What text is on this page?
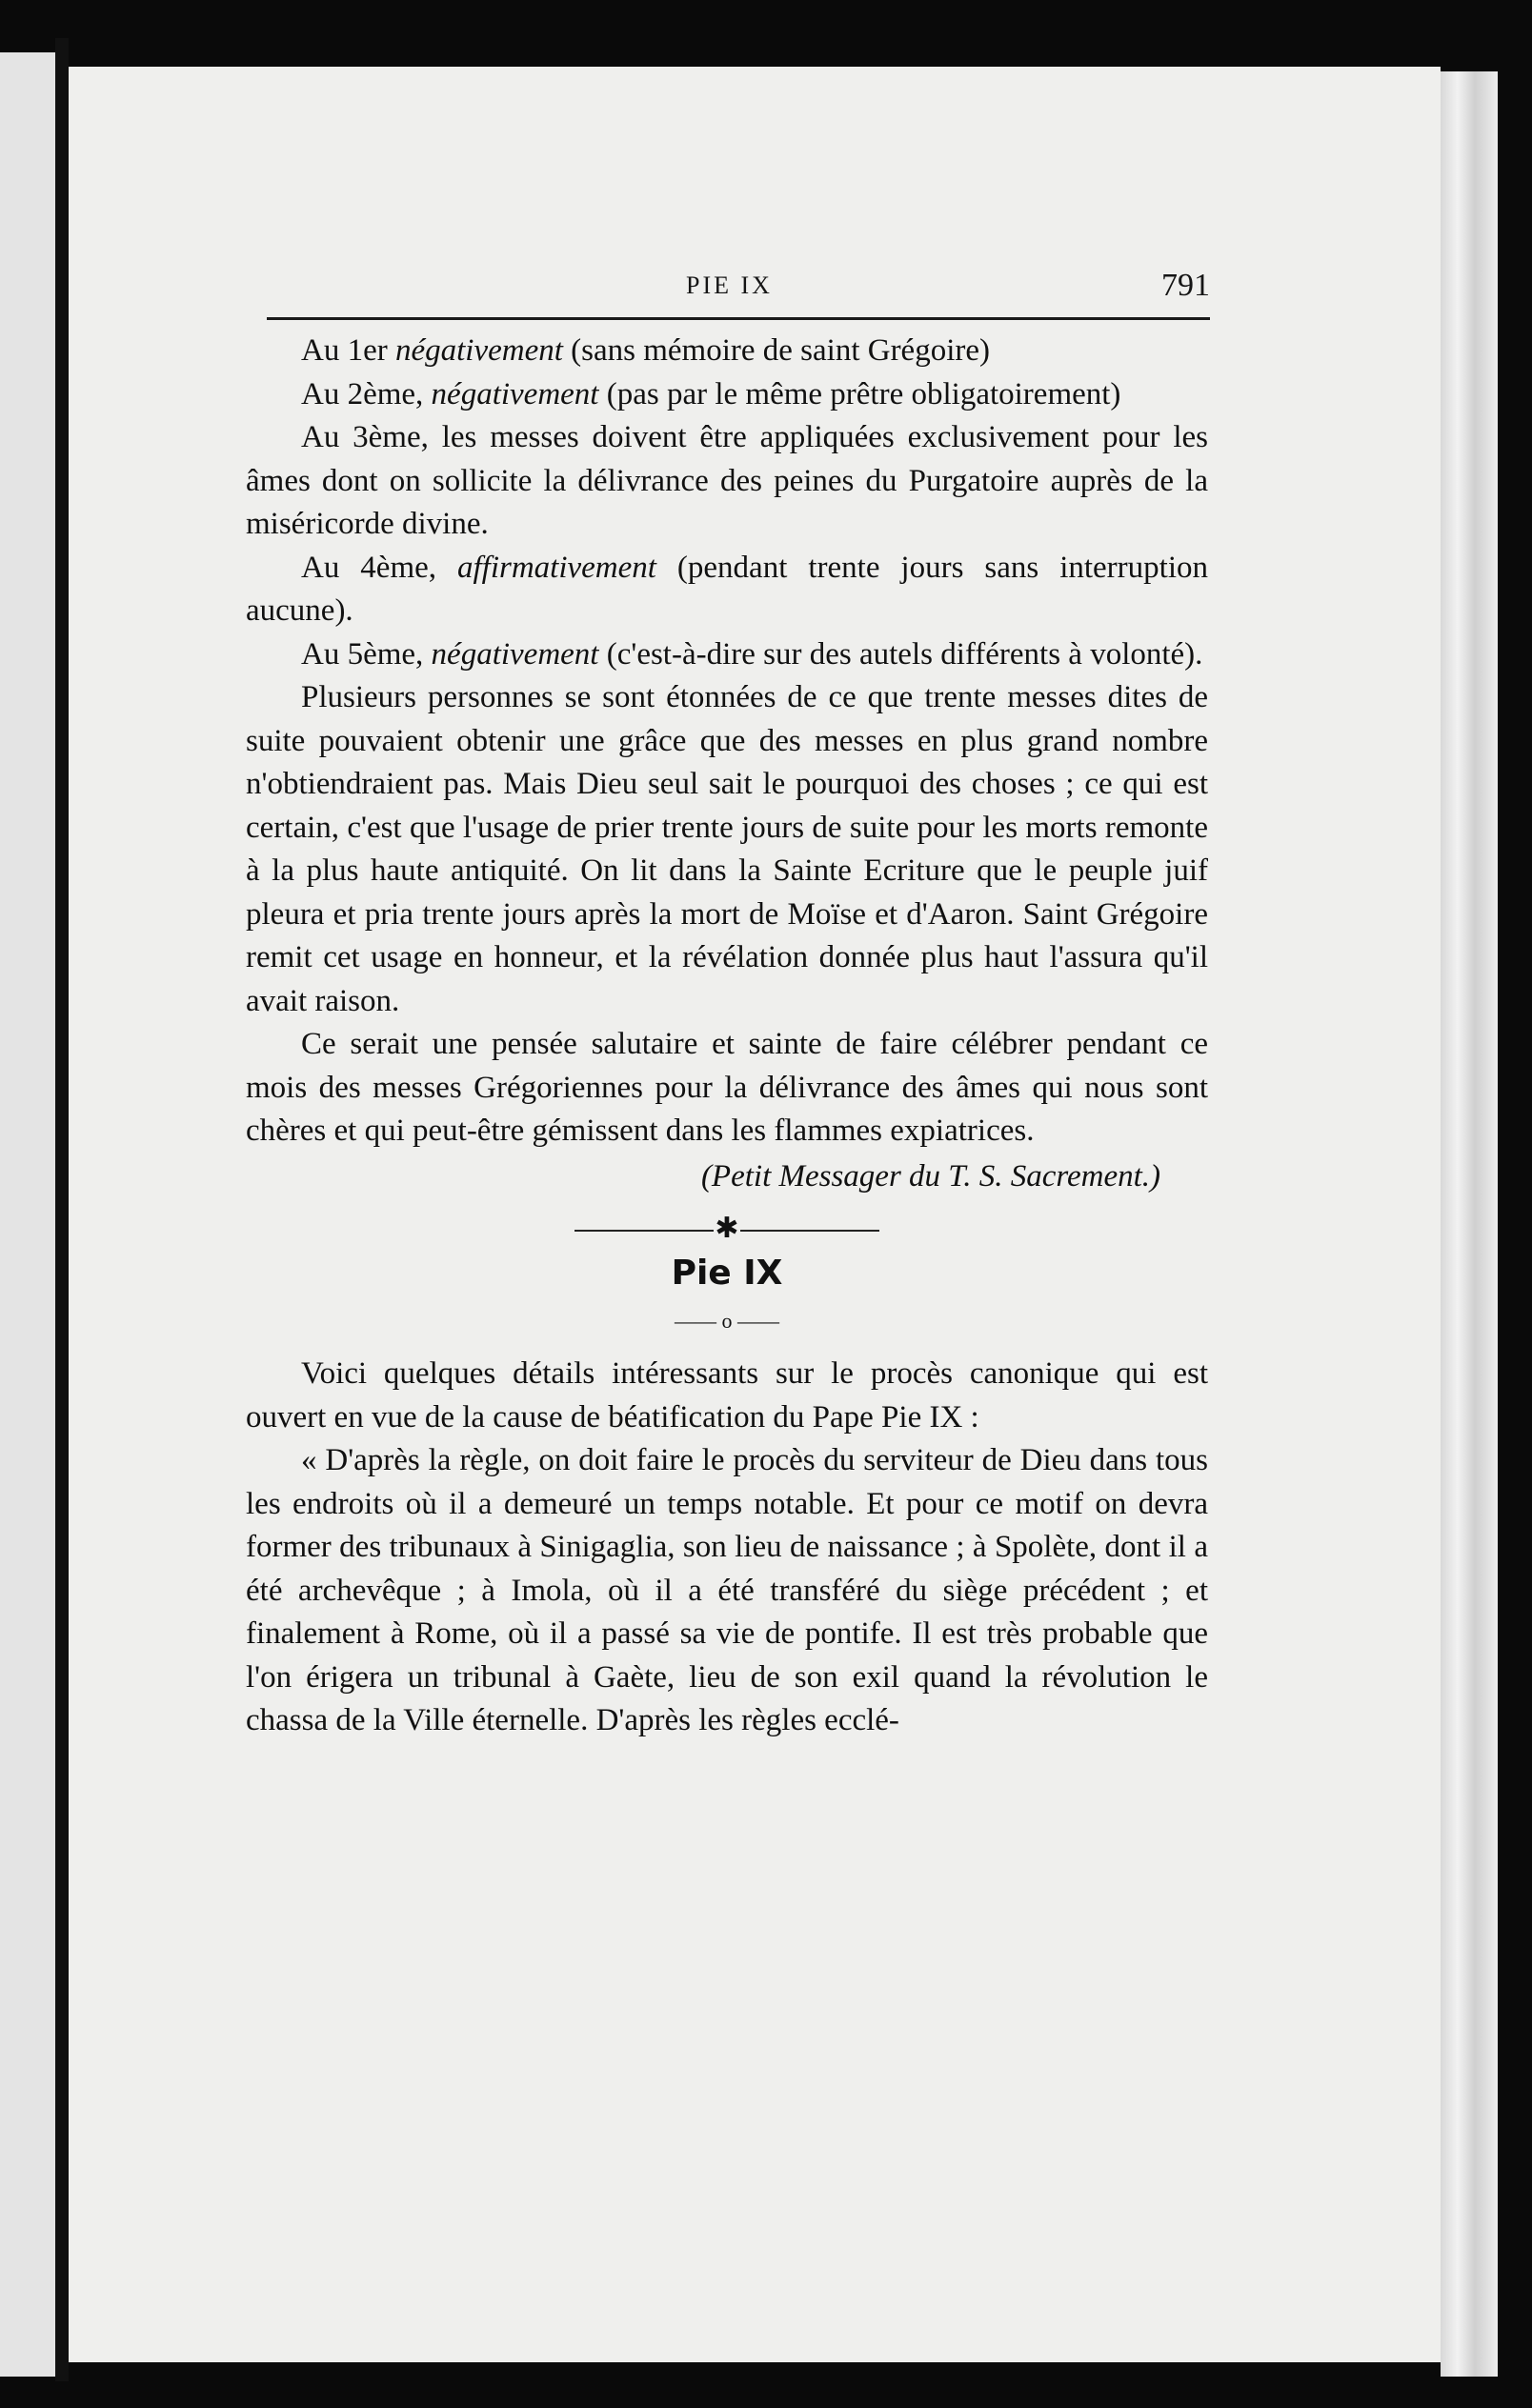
PIE IX	791

Au 1er négativement (sans mémoire de saint Grégoire)

Au 2ème, négativement (pas par le même prêtre obligatoirement)

Au 3ème, les messes doivent être appliquées exclusivement pour les âmes dont on sollicite la délivrance des peines du Purgatoire auprès de la miséricorde divine.

Au 4ème, affirmativement (pendant trente jours sans interruption aucune).

Au 5ème, négativement (c'est-à-dire sur des autels différents à volonté).

Plusieurs personnes se sont étonnées de ce que trente messes dites de suite pouvaient obtenir une grâce que des messes en plus grand nombre n'obtiendraient pas. Mais Dieu seul sait le pourquoi des choses ; ce qui est certain, c'est que l'usage de prier trente jours de suite pour les morts remonte à la plus haute antiquité. On lit dans la Sainte Ecriture que le peuple juif pleura et pria trente jours après la mort de Moïse et d'Aaron. Saint Grégoire remit cet usage en honneur, et la révélation donnée plus haut l'assura qu'il avait raison.

Ce serait une pensée salutaire et sainte de faire célébrer pendant ce mois des messes Grégoriennes pour la délivrance des âmes qui nous sont chères et qui peut-être gémissent dans les flammes expiatrices.

(Petit Messager du T. S. Sacrement.)
✱
Pie IX
—— o ——

Voici quelques détails intéressants sur le procès canonique qui est ouvert en vue de la cause de béatification du Pape Pie IX :

« D'après la règle, on doit faire le procès du serviteur de Dieu dans tous les endroits où il a demeuré un temps notable. Et pour ce motif on devra former des tribunaux à Sinigaglia, son lieu de naissance ; à Spolète, dont il a été archevêque ; à Imola, où il a été transféré du siège précédent ; et finalement à Rome, où il a passé sa vie de pontife. Il est très probable que l'on érigera un tribunal à Gaète, lieu de son exil quand la révolution le chassa de la Ville éternelle. D'après les règles ecclé-
